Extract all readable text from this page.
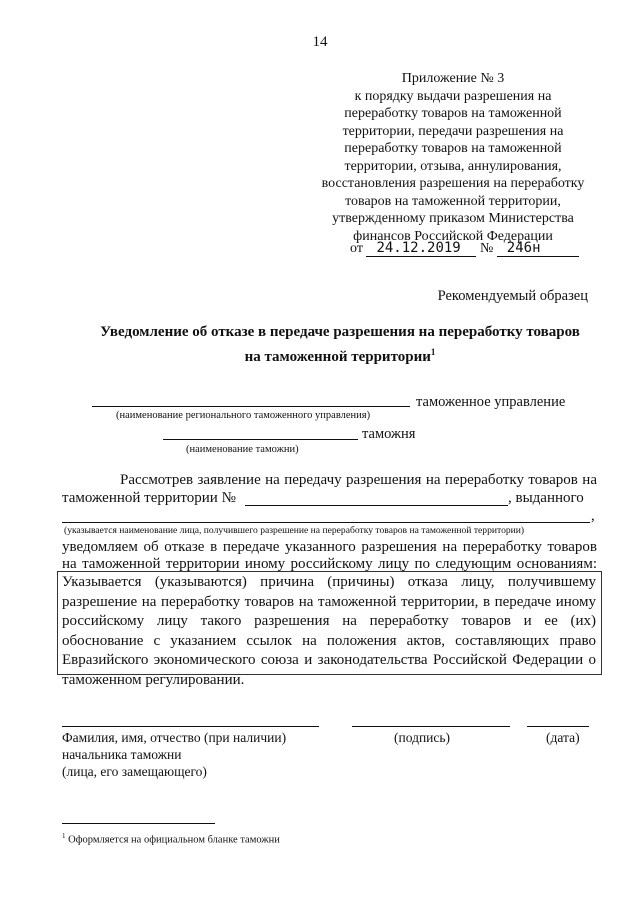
14
Приложение № 3
к порядку выдачи разрешения на
переработку товаров на таможенной
территории, передачи разрешения на
переработку товаров на таможенной
территории, отзыва, аннулирования,
восстановления разрешения на переработку
товаров на таможенной территории,
утвержденному приказом Министерства
финансов Российской Федерации
от 24.12.2019 № 246н
Рекомендуемый образец
Уведомление об отказе в передаче разрешения на переработку товаров
на таможенной территории$^1$
таможенное управление
(наименование регионального таможенного управления)
таможня
(наименование таможни)
Рассмотрев заявление на передачу разрешения на переработку товаров на
таможенной территории №	, выданного
,
(указывается наименование лица, получившего разрешение на переработку товаров на таможенной территории)
уведомляем об отказе в передаче указанного разрешения на переработку товаров
на таможенной территории иному российскому лицу по следующим основаниям:
Указывается (указываются) причина (причины) отказа лицу, получившему
разрешение на переработку товаров на таможенной территории, в передаче иному
российскому лицу такого разрешения на переработку товаров и ее (их)
обоснование с указанием ссылок на положения актов, составляющих право
Евразийского экономического союза и законодательства Российской Федерации о
таможенном регулировании.
Фамилия, имя, отчество (при наличии)
начальника таможни
(лица, его замещающего)
(подпись)	(дата)
$^1$ Оформляется на официальном бланке таможни
